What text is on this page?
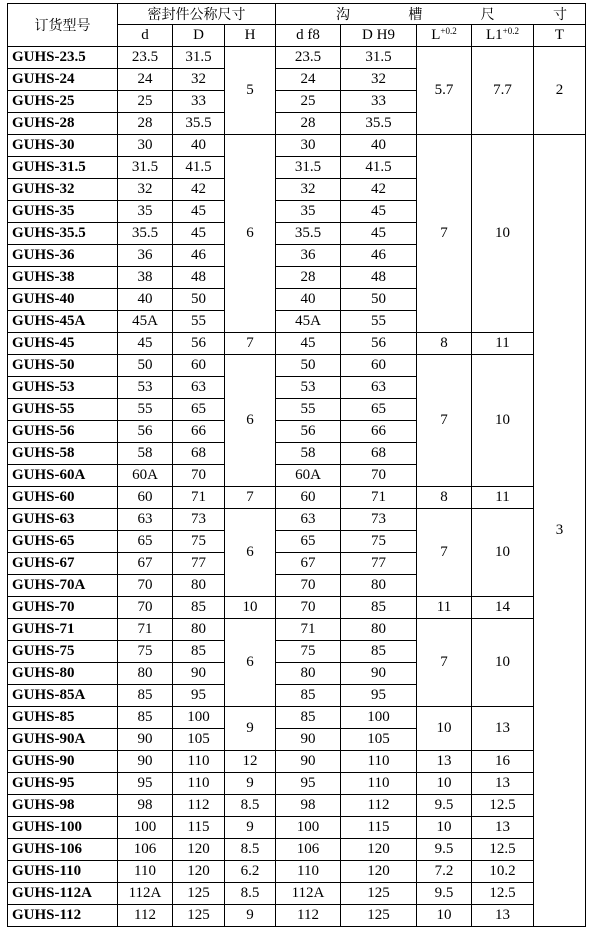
订货型号	密封件公称尺寸			沟 槽 尺 寸				

	d	D	H	d f8	D H9	$L^{+0.2}$	$L1^{+0.2}$	T
GUHS-23.5	23.5	31.5	5	23.5	31.5	5.7	7.7	2
GUHS-24	24	32		24	32			
GUHS-25	25	33		25	33			
GUHS-28	28	35.5		28	35.5			
GUHS-30	30	40	6	30	40	7	10	3
GUHS-31.5	31.5	41.5		31.5	41.5			
GUHS-32	32	42		32	42			
GUHS-35	35	45		35	45			
GUHS-35.5	35.5	45		35.5	45			
GUHS-36	36	46		36	46			
GUHS-38	38	48		28	48			
GUHS-40	40	50		40	50			
GUHS-45A	45A	55		45A	55			
GUHS-45	45	56	7	45	56	8	11	
GUHS-50	50	60	6	50	60	7	10	
GUHS-53	53	63		53	63			
GUHS-55	55	65		55	65			
GUHS-56	56	66		56	66			
GUHS-58	58	68		58	68			
GUHS-60A	60A	70		60A	70			
GUHS-60	60	71	7	60	71	8	11	
GUHS-63	63	73	6	63	73	7	10	
GUHS-65	65	75		65	75			
GUHS-67	67	77		67	77			
GUHS-70A	70	80		70	80			
GUHS-70	70	85	10	70	85	11	14	
GUHS-71	71	80	6	71	80	7	10	
GUHS-75	75	85		75	85			
GUHS-80	80	90		80	90			
GUHS-85A	85	95		85	95			
GUHS-85	85	100	9	85	100	10	13	
GUHS-90A	90	105		90	105			
GUHS-90	90	110	12	90	110	13	16	
GUHS-95	95	110	9	95	110	10	13	
GUHS-98	98	112	8.5	98	112	9.5	12.5	
GUHS-100	100	115	9	100	115	10	13	
GUHS-106	106	120	8.5	106	120	9.5	12.5	
GUHS-110	110	120	6.2	110	120	7.2	10.2	
GUHS-112A	112A	125	8.5	112A	125	9.5	12.5	
GUHS-112	112	125	9	112	125	10	13	
